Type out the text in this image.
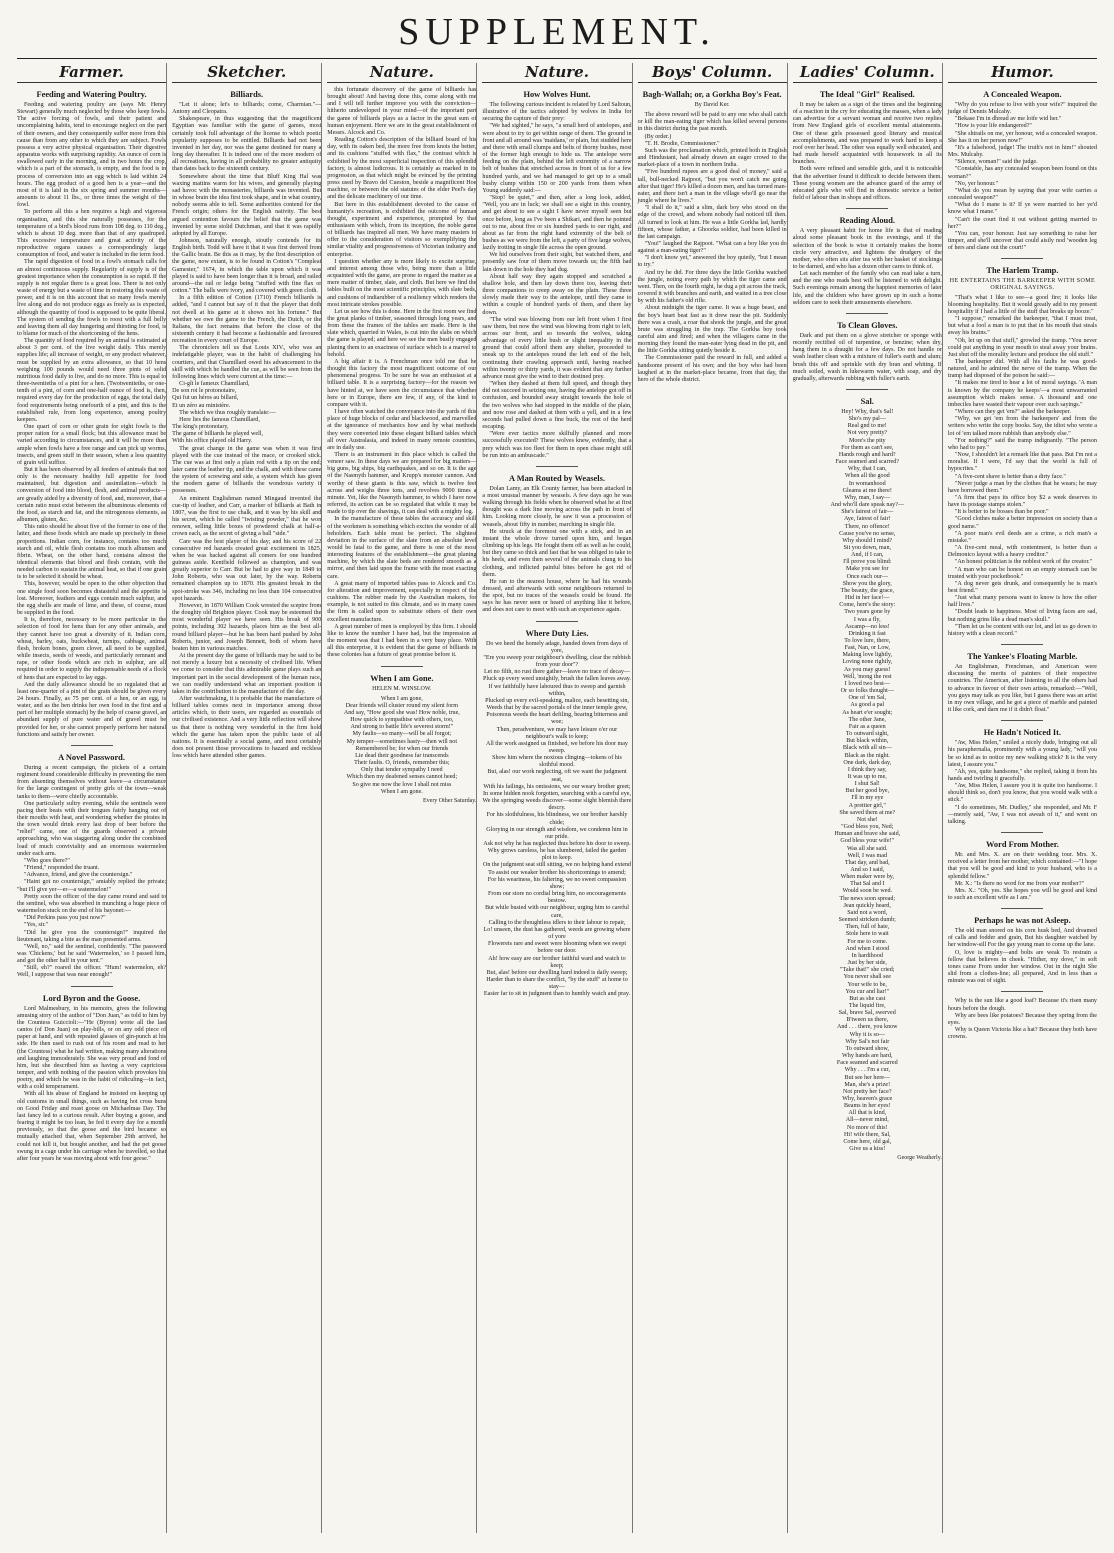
SUPPLEMENT.
Farmer.
Feeding and Watering Poultry.

Feeding and watering poultry are (says Mr. Henry Stewart) generally much neglected by those who keep fowls. The active forcing of fowls, and their patient and uncomplaining habits, tend to encourage neglect on the part of their owners, and they consequently suffer more from this cause than from any other to which they are subject. Fowls possess a very active physical organisation. Their digestive apparatus works with surprising rapidity. An ounce of corn is swallowed early in the morning, and in two hours the crop, which is a part of the stomach, is empty, and the food is in process of conversion into an egg which is laid within 24 hours. The egg product of a good hen is a year—and the most of it is laid in the six spring and summer months—amounts to about 11 lbs., or three times the weight of the fowl.

To perform all this a hen requires a high and vigorous organisation, and this she naturally possesses, for the temperature of a bird's blood runs from 108 deg. to 110 deg., which is about 10 deg. more than that of any quadruped. This excessive temperature and great activity of the reproductive organs causes a correspondingly large consumption of food, and water is included in the term food.

The rapid digestion of food in a fowl's stomach calls for an almost continuous supply. Regularity of supply is of the greatest importance when the consumption is so rapid. If the supply is not regular there is a great loss. There is not only waste of energy but a waste of time in restoring this waste of power, and it is on this account that so many fowls merely live along and do not produce eggs as freely as is expected, although the quantity of food is supposed to be quite liberal. The system of sending the fowls to roost with a full belly and leaving them all day hungering and thirsting for food, is to blame for much of the shortcoming of the hens.

The quantity of food required by an animal is estimated at about 3 per cent. of the live weight daily. This merely supplies life; all increase of weight, or any product whatever, must be supplied by an extra allowance, so that 10 hens weighing 100 pounds would need three pints of solid nutritious food daily to live, and do no more. This is equal to three-twentieths of a pint for a hen. (Twotwentieths, or one-tenth of a pint, of corn and one-half ounce of food is, then, required every day for the production of eggs, the total daily food requirements being onefourth of a pint, and this is the established rule, from long experience, among poultry keepers.

One quart of corn or other grain for eight fowls is the proper ration for a small flock; but this allowance must be varied according to circumstances, and it will be more than ample when fowls have a free range and can pick up worms, insects, and green stuff in their season, when a less quantity of grain will suffice.

But it has been observed by all feeders of animals that not only is the necessary healthy full appetite for food maintained, but digestion and assimilation—which is conversion of food into blood, flesh, and animal products—are greatly aided by a diversity of food, and, moreover, that a certain ratio must exist between the albuminous elements of the food, as starch and fat, and the nitrogenous elements, as albumen, gluten, &c.

This ratio should be about five of the former to one of the latter, and these foods which are made up precisely in these proportions. Indian corn, for instance, contains too much starch and oil, while flesh contains too much albumen and fibrin. Wheat, on the other hand, contains almost the identical elements that blood and flesh contain, with the needed carbon to sustain the animal heat, so that if one grain is to be selected it should be wheat.

This, however, would be open to the other objection that one single food soon becomes distasteful and the appetite is lost. Moreover, feathers and eggs contain much sulphur, and the egg shells are made of lime, and these, of course, must be supplied in the food.

It is, therefore, necessary to be more particular in the selection of food for hens than for any other animals, and they cannot have too great a diversity of it. Indian corn, wheat, barley, oats, buckwheat, turnips, cabbage, animal flesh, broken bones, green clover, all need to be supplied, while insects, seeds of weeds, and particularly remnant and rape, or other foods which are rich in sulphur, are all required in order to supply the indispensable needs of a flock of hens that are expected to lay eggs.

And the daily allowance should be so regulated that at least one-quarter of a pint of the grain should be given every 24 hours. Finally, as 75 per cent. of a hen, or an egg, is water, and as the hen drinks her own food in the first and a part of her multiple stomach) by the help of coarse gravel, an abundant supply of pure water and of gravel must be provided for her, or she cannot properly perform her natural functions and satisfy her owner.

A Novel Password.

During a recent campaign, the pickets of a certain regiment found considerable difficulty in preventing the men from absenting themselves without leave—a circumstance for the large contingent of pretty girls of the town—weak tanks to them—were chiefly accountable.

One particularly sultry evening, while the sentinels were pacing their beats with their tongues fairly hanging out of their mouths with heat, and wondering whether the pirates in the town would drink every last drop of beer before the "relief" came, one of the guards observed a private approaching, who was staggering along under the combined load of much conviviality and an enormous watermelon under each arm.

"Who goes there?"

"Friend," responded the truant.

"Advance, friend, and give the countersign."

"Haint got no countersign," amiably replied the private; "but I'll give yer—er—a watermelon!"

Pretty soon the officer of the day came round and said to the sentinel, who was absorbed in munching a huge piece of watermelon stuck on the end of his bayonet:—

"Did Perkins pass you just now?"

"Yes, sir."

"Did he give you the countersign?" inquired the lieutenant, taking a bite as the man presented arms.

"Well, no," said the sentinel, confidently. "The password was 'Chickens,' but he said 'Watermelon,' so I passed him, and got the other half in your tent."

"Still, eh?" roared the officer. "Hum! watermelon, eh? Well, I suppose that was near enough!"

Lord Byron and the Goose.

Lord Malmesbury, in his memoirs, gives the following amusing story of the author of "Don Juan," as told to him by the Countess Guiccioli:—"He (Byron) wrote all the last cantos (of Don Juan) on play-bills, or on any odd piece of paper at hand, and with repeated glasses of gin-punch at his side. He then used to rush out of his room and read to her (the Countess) what he had written, making many alterations and laughing immoderately. She was very proud and fond of him, but she described him as having a very capricious temper, and with nothing of the passion which provokes his poetry, and which he was in the habit of ridiculing—in fact, with a cold temperament.

With all his abuse of England he insisted on keeping up old customs in small things, such as having hot cross buns on Good Friday and roast goose on Michaelmas Day. The last fancy led to a curious result. After buying a goose, and fearing it might be too lean, he fed it every day for a month previously, so that the goose and the bird became so mutually attached that, when September 29th arrived, he could not kill it, but bought another, and had the pet goose swung in a cage under his carriage when he travelled, so that after four years he was moving about with four geese."

Sketcher.
Billiards.

"Let it alone; let's to billiards; come, Charmian."—Antony and Cleopatra.

Shakespeare, in thus suggesting that the magnificent Egyptian was familiar with the game of games, most certainly took full advantage of the license to which poetic popularity supposes to be entitled. Billiards had not been invented in her day, nor was the game destined for many a long day thereafter. It is indeed one of the more modern of all recreations, having in all probability no greater antiquity than dates back to the sixteenth century.

Somewhere about the time that Bluff King Hal was waxing mattins warm for his wives, and generally playing sad havoc with the monasteries, billiards was invented. But in whose brain the idea first took shape, and in what country, nobody seems able to tell. Some authorities contend for the French origin; others for the English nativity. The best argued contention favours the belief that the game was invented by some stolid Dutchman, and that it was rapidly adopted by all Europe.

Johnson, naturally enough, stoutly contends for its English birth. Todd will have it that it was first derived from the Gallic brain. Be this as it may, by the first description of the game, now extant, is to be found in Cotton's "Compleat Gamester," 1674, in which the table upon which it was played is said to have been longer than it is broad, and railed around—the rail or ledge being "stuffed with fine flax or cotton." The balls were ivory, and covered with green cloth.

In a fifth edition of Cotton (1710) French billiards is added, "and I cannot but say of it that the player that doth not dwell at his game at it shows not his fortune." But whether we owe the game to the French, the Dutch, or the Italians, the fact remains that before the close of the sixteenth century it had become a fashionable and favoured recreation in every court of Europe.

The chroniclers tell us that Louis XIV., who was an indefatigable player, was in the habit of challenging his courtiers, and that Chamillard owed his advancement to the skill with which he handled the cue, as will be seen from the following lines which were current at the time:—

Ci-gît le fameux Chamillard,
De son roi le protonotaire,
Qui fut un héros au billard,
Et un zéro au ministère.

The which we thus roughly translate:—

Here lies the famous Chamillard,
The king's protonotary,
The game of billiards he played well,
With his office played old Harry.

The great change in the game was when it was first played with the cue instead of the mace, or crooked stick. The cue was at first only a plain rod with a tip on the end; later came the leather tip, and the chalk, and with these came the system of screwing and side, a system which has given the modern game of billiards the wondrous variety it possesses.

An eminent Englishman named Mingaud invented the cue-tip of leather, and Carr, a marker of billiards at Bath in 1807, was the first to use chalk, and it was by his skill and his secret, which he called "twisting powder," that he won renown, selling little boxes of powdered chalk at half-a-crown each, as the secret of giving a ball "side."

Care was the best player of his day; and his score of 22 consecutive red hazards created great excitement in 1825, when he was backed against all comers for one hundred guineas aside. Kentfield followed as champion, and was greatly superior to Carr. But he had to give way in 1849 to John Roberts, who was out later, by the way. Roberts remained champion up to 1870. His greatest break in the spot-stroke was 346, including no less than 104 consecutive spot hazards.

However, in 1870 William Cook wrested the sceptre from the doughty old Brighton player. Cook may be esteemed the most wonderful player we have seen. His break of 900 points, including 302 hazards, places him as the best all-round billiard player—but he has been hard pushed by John Roberts, junior, and Joseph Bennett, both of whom have beaten him in various matches.

At the present day the game of billiards may be said to be not merely a luxury but a necessity of civilised life. When we come to consider that this admirable game plays such an important part in the social development of the human race, we can readily understand what an important position it takes in the contribution to the manufacture of the day.

After watchmaking, it is probable that the manufacture of billiard tables comes next in importance among those articles which, to their users, are regarded as essentials of our civilised existence. And a very little reflection will show us that there is nothing very wonderful in the firm hold which the game has taken upon the public taste of all nations. It is essentially a social game, and most certainly does not present those provocations to hazard and reckless loss which have attended other games.

Nature.

this fortunate discovery of the game of billiards has brought about! And having done this, come along with me and I will tell further improve you with the conviction—hitherto undeveloped in your mind—of the important part the game of billiards plays as a factor in the great sum of human enjoyment. Here we are in the great establishment of Messrs. Alcock and Co.

Reading Cotton's description of the billiard board of his day, with its oaken bed, the more free from knots the better, and its cushions "stuffed with flax," the contrast which is exhibited by the most superficial inspection of this splendid factory, is almost ludicrous. It is certainly as marked in its progression, as that which might be evinced by the printing press used by Bravo del Cueston, beside a magnificent Hoe machine, or between the old statutes of the elder Peel's day and the delicate machinery of our time.

But here in this establishment devoted to the cause of humanity's recreation, is exhibited the outcome of human thought, experiment and experience, prompted by that enthusiasm with which, from its inception, the noble game of billiards has inspired all men. We have many masters to offer to the consideration of visitors so exemplifying the similar vitality and progressiveness of Victorian industry and enterprise.

I question whether any is more likely to excite surprise, and interest among those who, being more than a little acquainted with the game, are prone to regard the matter as a mere matter of timber, slate, and cloth. But here we find the tables built on the most scientific principles, with slate beds, and cushions of indiarubber of a resiliency which renders the most intricate strokes possible.

Let us see how this is done. Here in the first room we find the great planks of timber, seasoned through long years, and from these the frames of the tables are made. Here is the slate which, quarried in Wales, is cut into the slabs on which the game is played; and here we see the men busily engaged planing them to an exactness of surface which is a marvel to behold.

A big affair it is. A Frenchman once told me that he thought this factory the most magnificent outcome of our phenomenal progress. To be sure he was an enthusiast at a billiard table. It is a surprising factory—for the reason we have hinted at, we have seen the circumstance that whether here or in Europe, there are few, if any, of the kind to compare with it.

I have often watched the conveyance into the yards of this place of huge blocks of cedar and blackwood, and marvelled at the ignorance of mechanics how and by what methods they were converted into these elegant billiard tables which all over Australasia, and indeed in many remote countries, are in daily use.

There is an instrument in this place which is called the veneer saw. In these days we are prepared for big matters—big guns, big ships, big earthquakes, and so on. It is the age of the Nasmyth hammer, and Krupp's monster cannon. And worthy of these giants is this saw, which is twelve feet across and weighs three tons, and revolves 9000 times a minute. Yet, like the Nasmyth hammer, to which I have now referred, its action can be so regulated that while it may be made to tip over the shavings, it can deal with a mighty log.

In the manufacture of these tables the accuracy and skill of the workmen is something which excites the wonder of all beholders. Each table must be perfect. The slightest deviation in the surface of the slate from an absolute level would be fatal to the game, and there is one of the most interesting features of the establishment—the great planing machine, by which the slate beds are rendered smooth as a mirror, and then laid upon the frame with the most exacting care.

A great many of imported tables pass to Alcock and Co. for alteration and improvement, especially in respect of the cushions. The rubber made by the Australian makers, for example, is not suited to this climate, and so in many cases the firm is called upon to substitute others of their own excellent manufacture.

A great number of men is employed by this firm. I should like to know the number I have had, but the impression at the moment was that I had been in a very busy place. With all this enterprise, it is evident that the game of billiards in these colonies has a future of great promise before it.

When I am Gone.
HELEN M. WINSLOW.
When I am gone,
Dear friends will cluster round my silent form
And say, "How good she was! How noble, true,
How quick to sympathise with others, too,
And strong to battle life's severest storm!"
My faults—so many—will be all forgot;
My temper—sometimes hasty—then will not
Remembered be; for when our friends
Lie dead their goodness far transcends
Their faults. O, friends, remember this;
Only that tender sympathy I need
Which then my deafened senses cannot heed;
So give me now the love I shall not miss
When I am gone.
Every Other Saturday.
Nature.
How Wolves Hunt.

The following curious incident is related by Lord Saltoun, illustrative of the tactics adopted by wolves in India for securing the capture of their prey:

"We had sighted," he says, "a small herd of antelopes, and were about to try to get within range of them. The ground in front and all around was 'maidans,' or plain, but studded here and there with small clumps and belts of thorny bushes, most of the former high enough to hide us. The antelope were feeding on the plain, behind the left extremity of a narrow belt of bushes that stretched across in front of us for a few hundred yards, and we had managed to get up to a small bushy clump within 150 or 200 yards from them when Young suddenly said:—

"Stop! be quiet," and then, after a long look, added, "Well, you are in luck; we shall see a sight in this country, and get about to see a sight I have never myself seen but once before, long as I've been a Shikari, and then he pointed out to me, about five or six hundred yards to our right, and about as far from the right hand extremity of the belt of bushes as we were from the left, a party of five large wolves, lazily trotting in single file across the open ground.

We hid ourselves from their sight, but watched them, and presently saw four of them move towards us; the fifth had lain down in the hole they had dug.

About half way they again stopped and scratched a shallow hole, and then lay down there too, leaving their three companions to creep away on the plain. These three slowly made their way to the antelope, until they came to within a couple of hundred yards of them, and there lay down.

"The wind was blowing from our left front when I first saw them, but now the wind was blowing from right to left, across our front, and so towards the wolves, taking advantage of every little bush or slight inequality in the ground that could afford them any shelter, proceeded to sneak up to the antelopes round the left end of the belt, continuing their crawling approach until, having reached within twenty or thirty yards, it was evident that any further advance must give the wind to their destined prey.

"When they dashed at them full speed, and though they did not succeed in seizing one, having the antelope got off in confusion, and bounded away straight towards the hole of the two wolves who had stopped in the middle of the plain, and now rose and dashed at them with a yell, and in a few seconds had pulled down a fine buck, the rest of the herd escaping.

"Were ever tactics more skilfully planned and more successfully executed? These wolves knew, evidently, that a prey which was too fleet for them in open chase might still be run into an ambuscade."

A Man Routed by Weasels.

Dolan Lamy, an Elk County farmer, has been attacked in a most unusual manner by weasels. A few days ago he was walking through his fields when he observed what he at first thought was a dark line moving across the path in front of him. Looking more closely, he saw it was a procession of weasels, about fifty in number, marching in single file.

He struck at the foremost one with a stick, and in an instant the whole drove turned upon him, and began climbing up his legs. He fought them off as well as he could, but they came so thick and fast that he was obliged to take to his heels, and even then several of the animals clung to his clothing, and inflicted painful bites before he got rid of them.

He ran to the nearest house, where he had his wounds dressed, and afterwards with some neighbours returned to the spot, but no traces of the weasels could be found. He says he has never seen or heard of anything like it before, and does not care to meet with such an experience again.

Where Duty Lies.
Do we heed the homely adage, handed down from days of yore,
"Ere you sweep your neighbour's dwelling, clear the rubbish from your door"?
Let no filth, no rust there gather—leave no trace of decay—
Pluck up every weed unsightly, brush the fallen leaves away.
If we faithfully have laboured thus to sweep and garnish within,
Plucked up every evil-speaking, malice, each besetting sin,
Weeds that by the sacred portals of the inner temple grew,
Poisonous weeds the heart defiling, bearing bitterness and woe;
Then, peradventure, we may have leisure o'er our neighbour's walk to keep;
All the work assigned us finished, we before his door may sweep.
Show him where the noxious clinging—tokens of his slothful mood.
But, alas! our work neglecting, oft we want the judgment seat,
With his failings, his omissions, we our weary brother greet;
In some hidden nook forgotten, searching with a careful eye,
We the springing weeds discover—some slight blemish there descry.
For his slothfulness, his blindness, we our brother harshly chide;
Glorying in our strength and wisdom, we condemn him in our pride.
Ask not why he has neglected thus before his door to sweep.
Why grows careless, he has slumbered, failed the garden plot to keep.
On the judgment seat still sitting, we no helping hand extend
To assist our weaker brother his shortcomings to amend;
For his weariness, his faltering, we no sweet compassion show;
From our store no cordial bring him, no encouragements bestow.
But while busied with our neighbour, urging him to careful care,
Calling to the thoughtless idlers to their labour to repair,
Lo! unseen, the dust has gathered, weeds are growing where of yore
Flowerets rare and sweet were blooming when we swept before our door.
Ah! how easy are our brother faithful ward and watch to keep;
But, alas! before our dwelling hard indeed is daily sweep;
Harder than to share the conflict, "by the stuff" at home to stay—
Easier far to sit in judgment than to humbly watch and pray.
Boys' Column.
Bagh-Wallah; or, a Gorkha Boy's Feat.
By David Ker.

The above reward will be paid to any one who shall catch or kill the man-eating tiger which has killed several persons in this district during the past month.

(By order.)

"T. H. Brodie, Commissioner."

Such was the proclamation which, printed both in English and Hindustani, had already drawn an eager crowd to the market-place of a town in northern India.

"Five hundred rupees are a good deal of money," said a tall, bull-necked Rajpoot, "but you won't catch me going after that tiger! He's killed a dozen men, and has turned man-eater, and there isn't a man in the village who'll go near the jungle where he lives."

"I shall do it," said a slim, dark boy who stood on the edge of the crowd, and whom nobody had noticed till then. All turned to look at him. He was a little Gorkha lad, hardly fifteen, whose father, a Ghoorka soldier, had been killed in the last campaign.

"You!" laughed the Rajpoot. "What can a boy like you do against a man-eating tiger?"

"I don't know yet," answered the boy quietly, "but I mean to try."

And try he did. For three days the little Gorkha watched the jungle, noting every path by which the tiger came and went. Then, on the fourth night, he dug a pit across the track, covered it with branches and earth, and waited in a tree close by with his father's old rifle.

About midnight the tiger came. It was a huge beast, and the boy's heart beat fast as it drew near the pit. Suddenly there was a crash, a roar that shook the jungle, and the great brute was struggling in the trap. The Gorkha boy took careful aim and fired; and when the villagers came in the morning they found the man-eater lying dead in the pit, and the little Gorkha sitting quietly beside it.

The Commissioner paid the reward in full, and added a handsome present of his own; and the boy who had been laughed at in the market-place became, from that day, the hero of the whole district.

Ladies' Column.
The Ideal "Girl" Realised.

It may be taken as a sign of the times and the beginning of a reaction in the cry for educating the masses, when a lady can advertise for a servant woman and receive two replies from New England girls of excellent mental attainments. One of these girls possessed good literary and musical accomplishments, and was prepared to work hard to keep a roof over her head. The other was equally well educated, and had made herself acquainted with housework in all its branches.

Both were refined and sensible girls, and it is noticeable that the advertiser found it difficult to decide between them. These young women are the advance guard of the army of educated girls who will find in domestic service a better field of labour than in shops and offices.

Reading Aloud.

A very pleasant habit for home life is that of reading aloud some pleasant book in the evenings, and if the selection of the book is wise it certainly makes the home circle very attractive, and lightens the drudgery of the mother, who often sits after tea with her basket of stockings to be darned, and who has a dozen other cares to think of.

Let each member of the family who can read take a turn, and the one who reads best will be listened to with delight. Such evenings remain among the happiest memories of later life, and the children who have grown up in such a home seldom care to seek their amusements elsewhere.

To Clean Gloves.

Dark and put them on a glove stretcher or sponge with recently rectified oil of turpentine, or benzine; when dry, hang them in a draught for a few days. Do not handle or wash leather clean with a mixture of fuller's earth and alum; brush this off and sprinkle with dry bran and whiting. If much soiled, wash in lukewarm water, with soap, and dry gradually, afterwards rubbing with fuller's earth.

Sal.
Hey! Why, that's Sal!
Sho's my pal—
Real gnd to me!
Not very pretty?
More's the pity
For them as can't see,
Hands rough and hard?
Face seamed and scarred?
Why, that I can,
When all the good
In womanhood
Gleams at me there!
Why, man, I say—
And who'll dare speak nay?—
She's fairest of fair—
Aye, fairest of fair!
There, no offence!
Cause you've no sense,
Why should I mind?
Sit you down, man,
And, if I can,
I'll prove you blind:
Make you see for
Once each our—
Show you the glory,
The beauty, the grace,
Hid in her face!—
Come, here's the story:
Two years gone by
I was a fly,
Ascamp—no less!
Drinking it fast
To love lure, there,
Fast, Nan, or Low,
Making love lightly,
Loving none rightly,
As you may guess!
Well, 'mong the rest
I loved two best—
Or so folks thought—
One of 'em Sal,
As good a pal
As heart e'er sought;
The other Jane,
Fair as a queen
To outward sight,
But black within,
Black with all sin—
Black as the night.
One dark, dark day,
I think they say,
It was up to me,
I shut Sal!
But her good bye,
I'll in my eye
A prettier girl,"
She saved them at me?
Not she!
"God bless you, Ned;
Human and brave she said,
God bless your wife!"
Was all she said.
Well, I was mad
That day, and bad,
And so I said,
When maker were by,
That Sal and I
Would soon be wed.
The news soon spread;
Jean quickly heard,
Said not a word,
Seemed stricken dumb;
Then, full of hate,
Stole here to wait
For me to come.
And when I stood
In hardihood
Just by her side,
"Take that!" she cried;
You never shall see
Your wife to be,
You cur and liar!"
But as she cast
The liquid fire,
Sal, brave Sal, swerved
B'tween us there,
And . . . there, you know
Why it is so—
Why Sal's not fair
To outward show,
Why hands are hard,
Face seamed and scarred
Why . . . I'm a cur,
But see her here—
Man, she's a prize!
Not pretty her face?
Why, heaven's grace
Beams in her eyes!
All that is kind,
All—never mind,
No more of this!
Hi! wife there, Sal,
Come here, old gal,
Give us a kiss!
George Weatherly.
Humor.
A Concealed Weapon.

"Why do you refuse to live with your wife?" inquired the judge of Dennis Mulcahy.

"Bekase I'm in dhread av me loife wid her."

"How is your life endangered?"

"She shtrails on me, yer honour, wid a concealed weapon. She has it on her person now!"

"It's a falsehood, judge! The truth's not in him!" shouted Mrs. Mulcahy.

"Silence, woman!" said the judge.

"Constable, has any concealed weapon been found on this woman?"

"No, yer honour."

"What do you mean by saying that your wife carries a concealed weapon?"

"What do I mane is it? If ye were married to her ye'd know what I mane."

"Can't the court find it out without getting married to her?"

"You can, your honour. Just say something to raise her timper, and she'll uncover that could aisily nod 'wooden leg of hers and clane out the court!"

The Harlem Tramp.
HE ENTERTAINS THE BARKEEPER WITH SOME ORIGINAL SAYINGS.

"That's what I like to see—a good fire; it looks like blooming hospitality. But it would greatly add to my present hospitality if I had a little of the stuff that breaks up booze."

"I suppose," remarked the barkeeper, "that I must treat, but what a fool a man is to put that in his mouth that steals away his brains."

"Oh, let up on that stuff," growled the tramp. "You never could put anything in your mouth to steal away your brains. Just shut off the morality lecture and produce the old stuff."

The barkeeper did. With all his faults he was good-natured, and he admired the nerve of the tramp. When the tramp had disposed of the poison he said:—

"It makes me tired to hear a lot of moral sayings. 'A man is known by the company he keeps'—a most unwarranted assumption which makes sense. A thousand and one imbeciles have wasted their vapour over such sayings."

"Where can they get 'em?" asked the barkeeper.

"Why, we get 'em from the barkeepers' and from the writers who write the copy books. Say, the idiot who wrote a lot of 'em talked more rubbish than anybody else."

"For nothing?" said the tramp indignantly. "The person who had to pay."

"Now, I shouldn't let a remark like that pass. But I'm not a moralist. If I were, I'd say that the world is full of hypocrites."

"A five-cent shave is better than a dirty face."

"Never judge a man by the clothes that he wears; he may have borrowed them."

"A firm that pays its office boy $2 a week deserves to have its postage stamps stolen."

"It is better to be bosses than be poor."

"Good clothes make a better impression on society than a good name."

"A poor man's evil deeds are a crime, a rich man's a mistake."

"A five-cent meal, with contentment, is better than a Delmonico layout with a heavy creditor."

"An honest politician is the noblest work of the creator."

"A man who can be honest on an empty stomach can be trusted with your pocketbook."

"A dog never gets drunk, and consequently he is man's best friend."

"Just what many persons want to know is how the other half lives."

"Doubt leads to happiness. Most of living faces are sad, but nothing grins like a dead man's skull."

"Then let us be content with our lot, and let us go down to history with a clean record."

The Yankee's Floating Marble.

An Englishman, Frenchman, and American were discussing the merits of painters of their respective countries. The American, after listening to all the others had to advance in favour of their own artists, remarked:—"Well, you guys may talk as you like, but I guess there was an artist in my own village, and he got a piece of marble and painted it like cork, and darn me if it didn't float."

He Hadn't Noticed It.

"Aw, Miss Helen," smiled a nicely dude, bringing out all his paraphernalia, prominently with a young lady, "will you be so kind as to notice my new walking stick? It is the very latest, I assure you."

"Ah, yes, quite handsome," she replied, taking it from his hands and twirling it gracefully.

"Aw, Miss Helen, I assure you it is quite too handsome. I should think so, don't you know, that you would walk with a stick."

"I do sometimes, Mr. Dudley," she responded, and Mr. F—merely said, "Aw, I was not aweah of it," and went on talking.

Word From Mother.

Mr. and Mrs. X. are on their wedding tour. Mrs. X. received a letter from her mother, which contained:—"I hope that you will be good and kind to your husband, who is a splendid fellow."

Mr. X.: "Is there no word for me from your mother?"

Mrs. X.: "Oh, yes. She hopes you will be good and kind to such an excellent wife as I am."

Perhaps he was not Asleep.

The old man snored on his corn husk bed, And dreamed of calls and fodder and grain, But his daughter watched by her window-sill For the gay young man to come up the lane.

O, love is mighty—and bolts are weak To restrain a fellow that believes in cheek. "Hither, my dove," in soft tones came From under her window. Out in the night She slid from a clothes-line; all prepared, And in less than a minute was out of sight.

Why is the sun like a good loaf? Because it's risen many hours before the dough.

Why are bees like potatoes? Because they spring from the eyes.

Why is Queen Victoria like a hat? Because they both have crowns.
